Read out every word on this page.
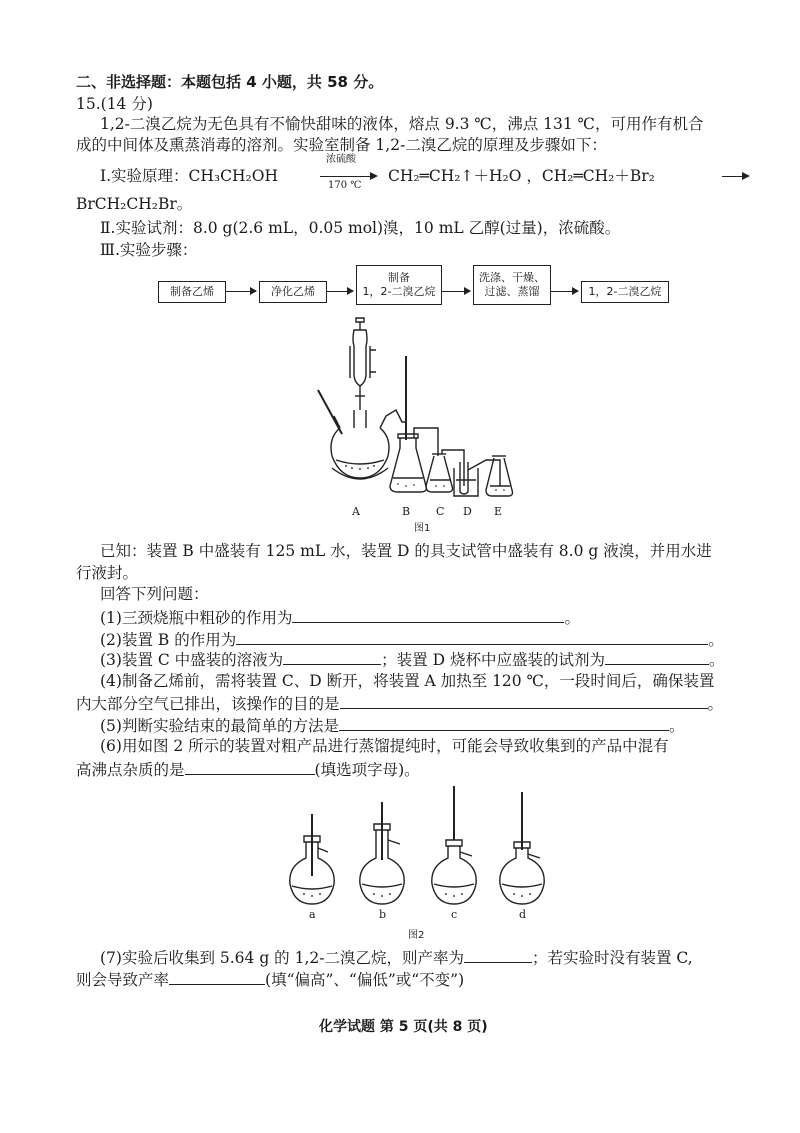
二、非选择题：本题包括 4 小题，共 58 分。
15.(14 分)
1,2-二溴乙烷为无色具有不愉快甜味的液体，熔点 9.3 ℃，沸点 131 ℃，可用作有机合
成的中间体及熏蒸消毒的溶剂。实验室制备 1,2-二溴乙烷的原理及步骤如下：
Ⅰ.实验原理：CH₃CH₂OH
浓硫酸
170 ℃
CH₂═CH₂↑＋H₂O ，CH₂═CH₂＋Br₂
BrCH₂CH₂Br。
Ⅱ.实验试剂：8.0 g(2.6 mL，0.05 mol)溴，10 mL 乙醇(过量)，浓硫酸。
Ⅲ.实验步骤：
制备乙烯	净化乙烯
制备
1，2-二溴乙烷
洗涤、干燥、
过滤、蒸馏	1，2-二溴乙烷
A	B C D E
图1
已知：装置 B 中盛装有 125 mL 水，装置 D 的具支试管中盛装有 8.0 g 液溴，并用水进
行液封。
回答下列问题：
(1)三颈烧瓶中粗砂的作用为	。
(2)装置 B 的作用为	。
(3)装置 C 中盛装的溶液为	；装置 D 烧杯中应盛装的试剂为	。
(4)制备乙烯前，需将装置 C、D 断开，将装置 A 加热至 120 ℃，一段时间后，确保装置
内大部分空气已排出，该操作的目的是	。
(5)判断实验结束的最简单的方法是	。
(6)用如图 2 所示的装置对粗产品进行蒸馏提纯时，可能会导致收集到的产品中混有
高沸点杂质的是	(填选项字母)。
a	b	c	d
图2
(7)实验后收集到 5.64 g 的 1,2-二溴乙烷，则产率为	；若实验时没有装置 C,
则会导致产率	(填“偏高”、“偏低”或“不变”)
化学试题 第 5 页(共 8 页)
